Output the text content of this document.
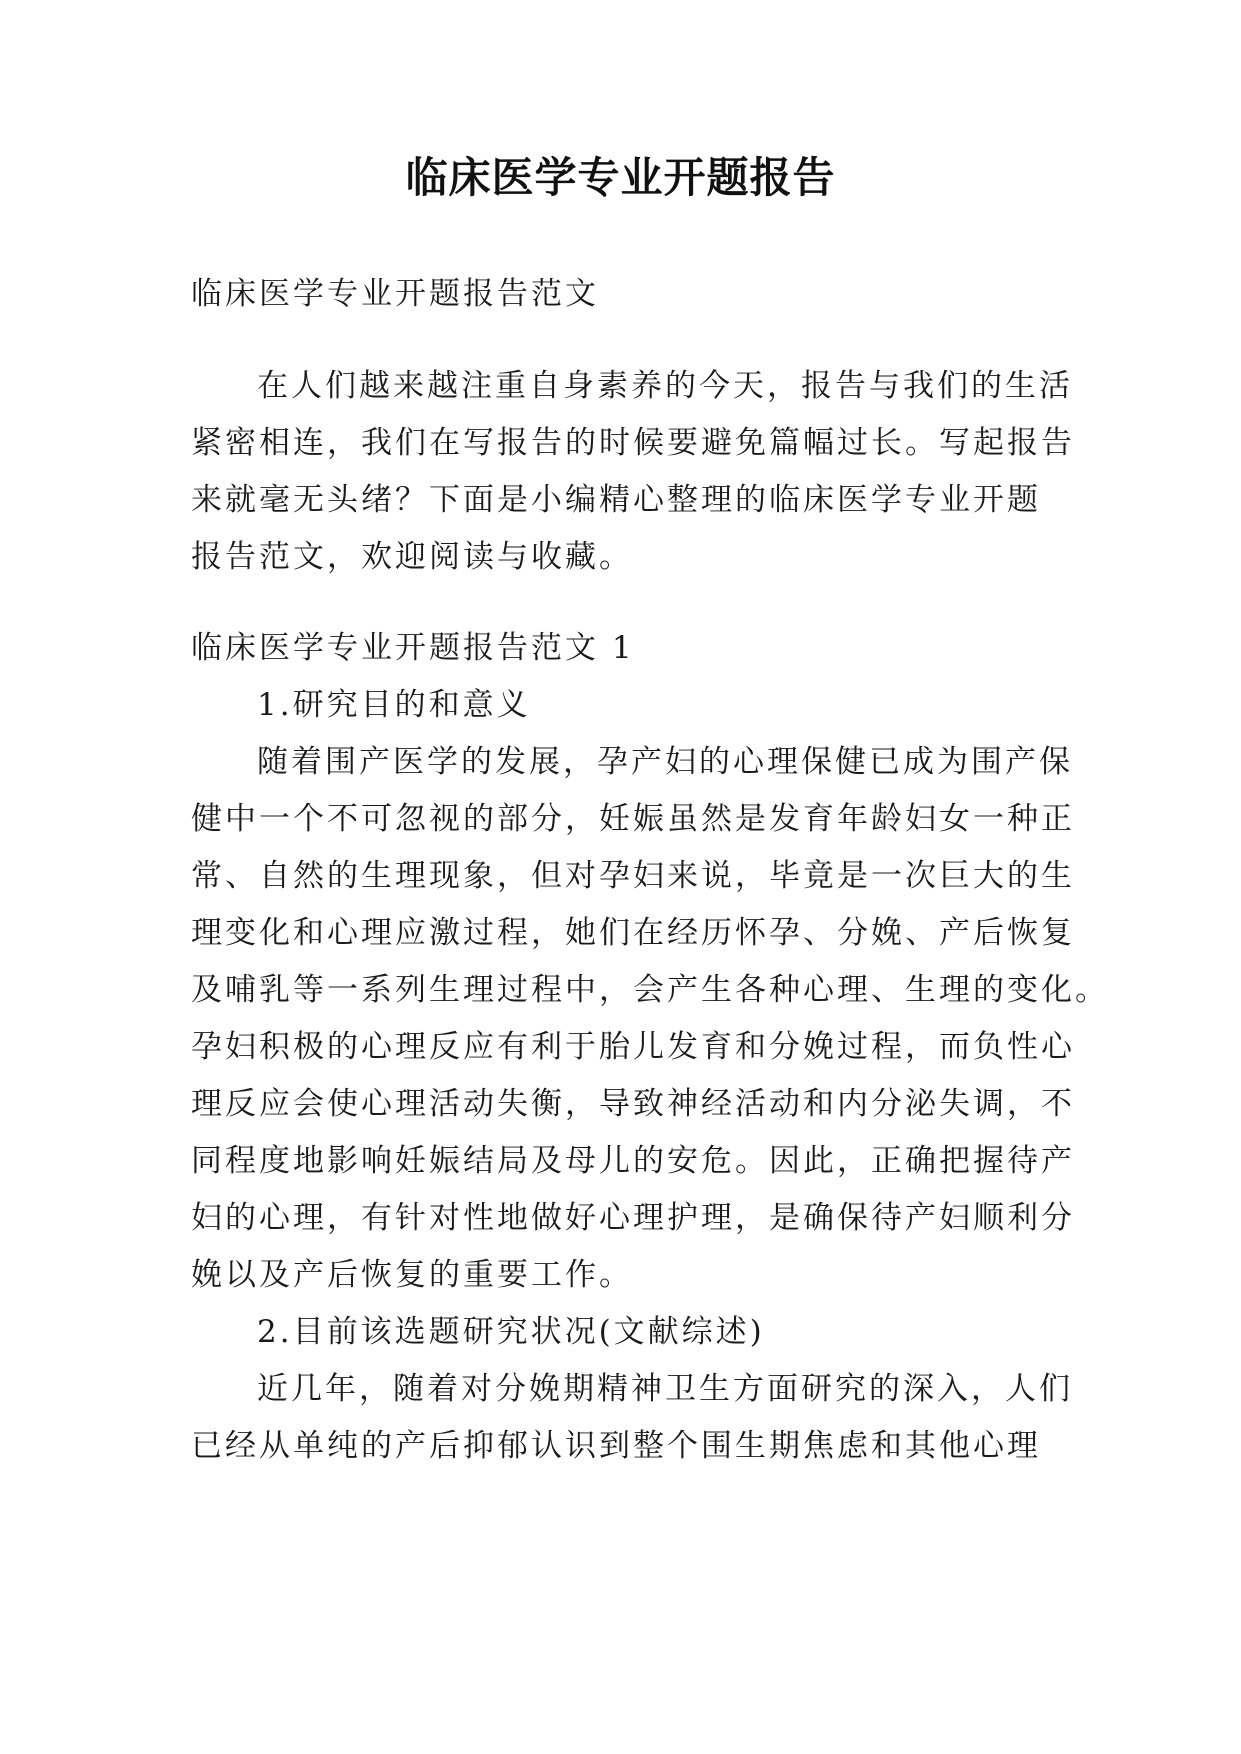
临床医学专业开题报告
临床医学专业开题报告范文
在人们越来越注重自身素养的今天，报告与我们的生活
紧密相连，我们在写报告的时候要避免篇幅过长。写起报告
来就毫无头绪？下面是小编精心整理的临床医学专业开题
报告范文，欢迎阅读与收藏。
临床医学专业开题报告范文 1
1.研究目的和意义
随着围产医学的发展，孕产妇的心理保健已成为围产保
健中一个不可忽视的部分，妊娠虽然是发育年龄妇女一种正
常、自然的生理现象，但对孕妇来说，毕竟是一次巨大的生
理变化和心理应激过程，她们在经历怀孕、分娩、产后恢复
及哺乳等一系列生理过程中，会产生各种心理、生理的变化。
孕妇积极的心理反应有利于胎儿发育和分娩过程，而负性心
理反应会使心理活动失衡，导致神经活动和内分泌失调，不
同程度地影响妊娠结局及母儿的安危。因此，正确把握待产
妇的心理，有针对性地做好心理护理，是确保待产妇顺利分
娩以及产后恢复的重要工作。
2.目前该选题研究状况(文献综述)
近几年，随着对分娩期精神卫生方面研究的深入，人们
已经从单纯的产后抑郁认识到整个围生期焦虑和其他心理
